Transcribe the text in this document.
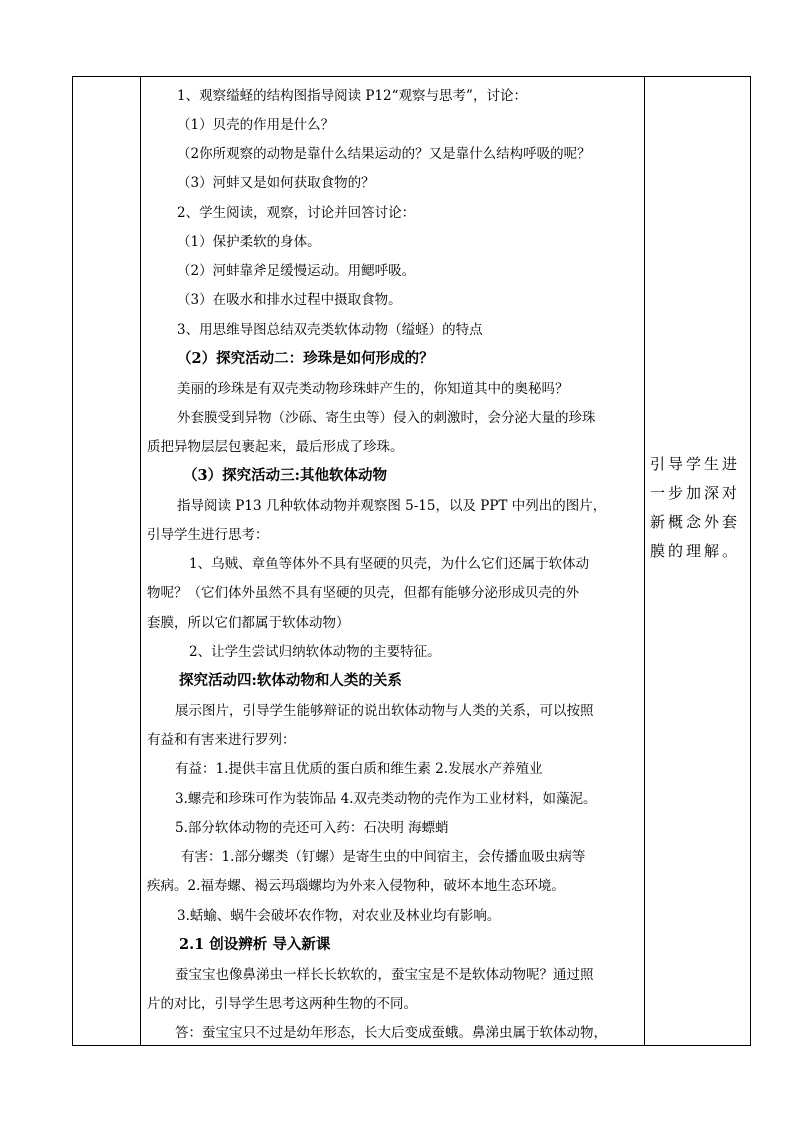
1、观察缢蛏的结构图指导阅读 P12“观察与思考”，讨论：
（1）贝壳的作用是什么？
（2你所观察的动物是靠什么结果运动的？又是靠什么结构呼吸的呢？
（3）河蚌又是如何获取食物的？
2、学生阅读，观察，讨论并回答讨论：
（1）保护柔软的身体。
（2）河蚌靠斧足缓慢运动。用鳃呼吸。
（3）在吸水和排水过程中摄取食物。
3、用思维导图总结双壳类软体动物（缢蛏）的特点
（2）探究活动二：珍珠是如何形成的？
美丽的珍珠是有双壳类动物珍珠蚌产生的，你知道其中的奥秘吗？
外套膜受到异物（沙砾、寄生虫等）侵入的刺激时，会分泌大量的珍珠
质把异物层层包裹起来，最后形成了珍珠。
（3）探究活动三:其他软体动物
指导阅读 P13 几种软体动物并观察图 5-15，以及 PPT 中列出的图片，
引导学生进行思考：
1、乌贼、章鱼等体外不具有坚硬的贝壳，为什么它们还属于软体动
物呢？（它们体外虽然不具有坚硬的贝壳，但都有能够分泌形成贝壳的外
套膜，所以它们都属于软体动物）
2、让学生尝试归纳软体动物的主要特征。
探究活动四:软体动物和人类的关系
展示图片，引导学生能够辩证的说出软体动物与人类的关系，可以按照
有益和有害来进行罗列：
有益：1.提供丰富且优质的蛋白质和维生素 2.发展水产养殖业
3.螺壳和珍珠可作为装饰品 4.双壳类动物的壳作为工业材料，如藻泥。
5.部分软体动物的壳还可入药：石决明 海螵蛸
有害：1.部分螺类（钉螺）是寄生虫的中间宿主，会传播血吸虫病等
疾病。2.福寿螺、褐云玛瑙螺均为外来入侵物种，破坏本地生态环境。
3.蛞蝓、蜗牛会破坏农作物，对农业及林业均有影响。
2.1 创设辨析 导入新课
蚕宝宝也像鼻涕虫一样长长软软的，蚕宝宝是不是软体动物呢？通过照
片的对比，引导学生思考这两种生物的不同。
答：蚕宝宝只不过是幼年形态，长大后变成蚕蛾。鼻涕虫属于软体动物，
引导学生进
一步加深对
新概念外套
膜的理解。
